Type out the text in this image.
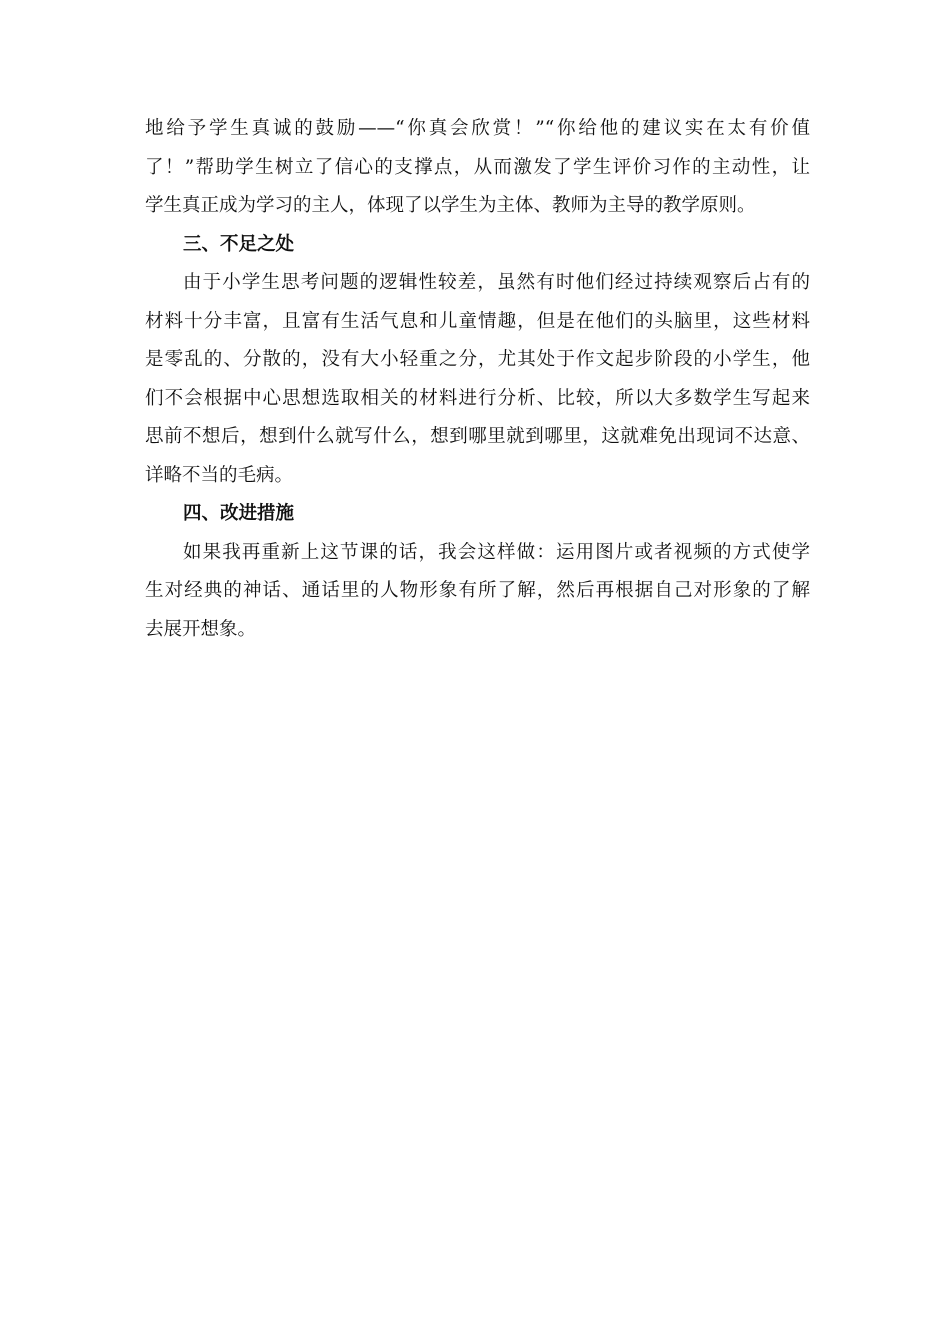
地给予学生真诚的鼓励——“你真会欣赏！”“你给他的建议实在太有价值
了！”帮助学生树立了信心的支撑点，从而激发了学生评价习作的主动性，让
学生真正成为学习的主人，体现了以学生为主体、教师为主导的教学原则。
三、不足之处
由于小学生思考问题的逻辑性较差，虽然有时他们经过持续观察后占有的
材料十分丰富，且富有生活气息和儿童情趣，但是在他们的头脑里，这些材料
是零乱的、分散的，没有大小轻重之分，尤其处于作文起步阶段的小学生，他
们不会根据中心思想选取相关的材料进行分析、比较，所以大多数学生写起来
思前不想后，想到什么就写什么，想到哪里就到哪里，这就难免出现词不达意、
详略不当的毛病。
四、改进措施
如果我再重新上这节课的话，我会这样做：运用图片或者视频的方式使学
生对经典的神话、通话里的人物形象有所了解，然后再根据自己对形象的了解
去展开想象。
